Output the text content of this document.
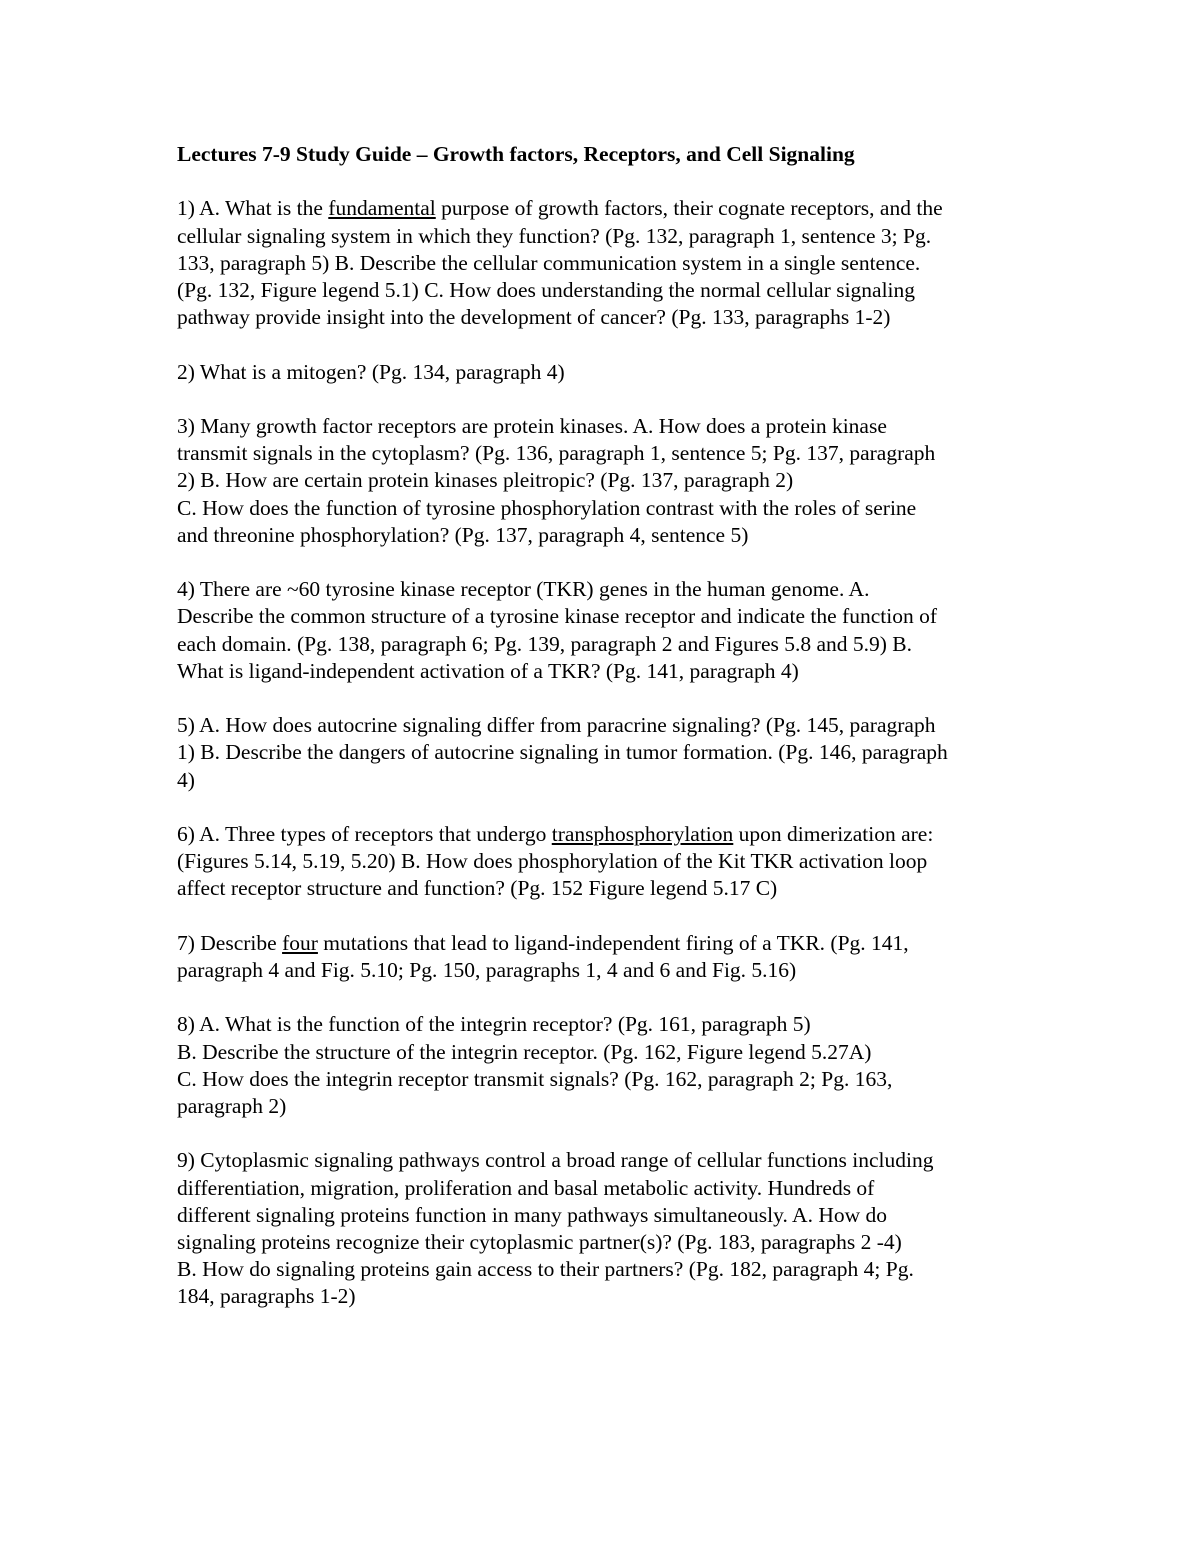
Lectures 7-9 Study Guide – Growth factors, Receptors, and Cell Signaling
1) A. What is the fundamental purpose of growth factors, their cognate receptors, and the
cellular signaling system in which they function? (Pg. 132, paragraph 1, sentence 3; Pg.
133, paragraph 5) B. Describe the cellular communication system in a single sentence.
(Pg. 132, Figure legend 5.1) C. How does understanding the normal cellular signaling
pathway provide insight into the development of cancer? (Pg. 133, paragraphs 1-2)
2) What is a mitogen? (Pg. 134, paragraph 4)
3) Many growth factor receptors are protein kinases. A. How does a protein kinase
transmit signals in the cytoplasm? (Pg. 136, paragraph 1, sentence 5; Pg. 137, paragraph
2) B. How are certain protein kinases pleitropic? (Pg. 137, paragraph 2)
C. How does the function of tyrosine phosphorylation contrast with the roles of serine
and threonine phosphorylation? (Pg. 137, paragraph 4, sentence 5)
4) There are ~60 tyrosine kinase receptor (TKR) genes in the human genome. A.
Describe the common structure of a tyrosine kinase receptor and indicate the function of
each domain. (Pg. 138, paragraph 6; Pg. 139, paragraph 2 and Figures 5.8 and 5.9) B.
What is ligand-independent activation of a TKR? (Pg. 141, paragraph 4)
5) A. How does autocrine signaling differ from paracrine signaling? (Pg. 145, paragraph
1) B. Describe the dangers of autocrine signaling in tumor formation. (Pg. 146, paragraph
4)
6) A. Three types of receptors that undergo transphosphorylation upon dimerization are:
(Figures 5.14, 5.19, 5.20) B. How does phosphorylation of the Kit TKR activation loop
affect receptor structure and function? (Pg. 152 Figure legend 5.17 C)
7) Describe four mutations that lead to ligand-independent firing of a TKR. (Pg. 141,
paragraph 4 and Fig. 5.10; Pg. 150, paragraphs 1, 4 and 6 and Fig. 5.16)
8) A. What is the function of the integrin receptor? (Pg. 161, paragraph 5)
B. Describe the structure of the integrin receptor. (Pg. 162, Figure legend 5.27A)
C. How does the integrin receptor transmit signals? (Pg. 162, paragraph 2; Pg. 163,
paragraph 2)
9) Cytoplasmic signaling pathways control a broad range of cellular functions including
differentiation, migration, proliferation and basal metabolic activity. Hundreds of
different signaling proteins function in many pathways simultaneously. A. How do
signaling proteins recognize their cytoplasmic partner(s)? (Pg. 183, paragraphs 2 -4)
B. How do signaling proteins gain access to their partners? (Pg. 182, paragraph 4; Pg.
184, paragraphs 1-2)
